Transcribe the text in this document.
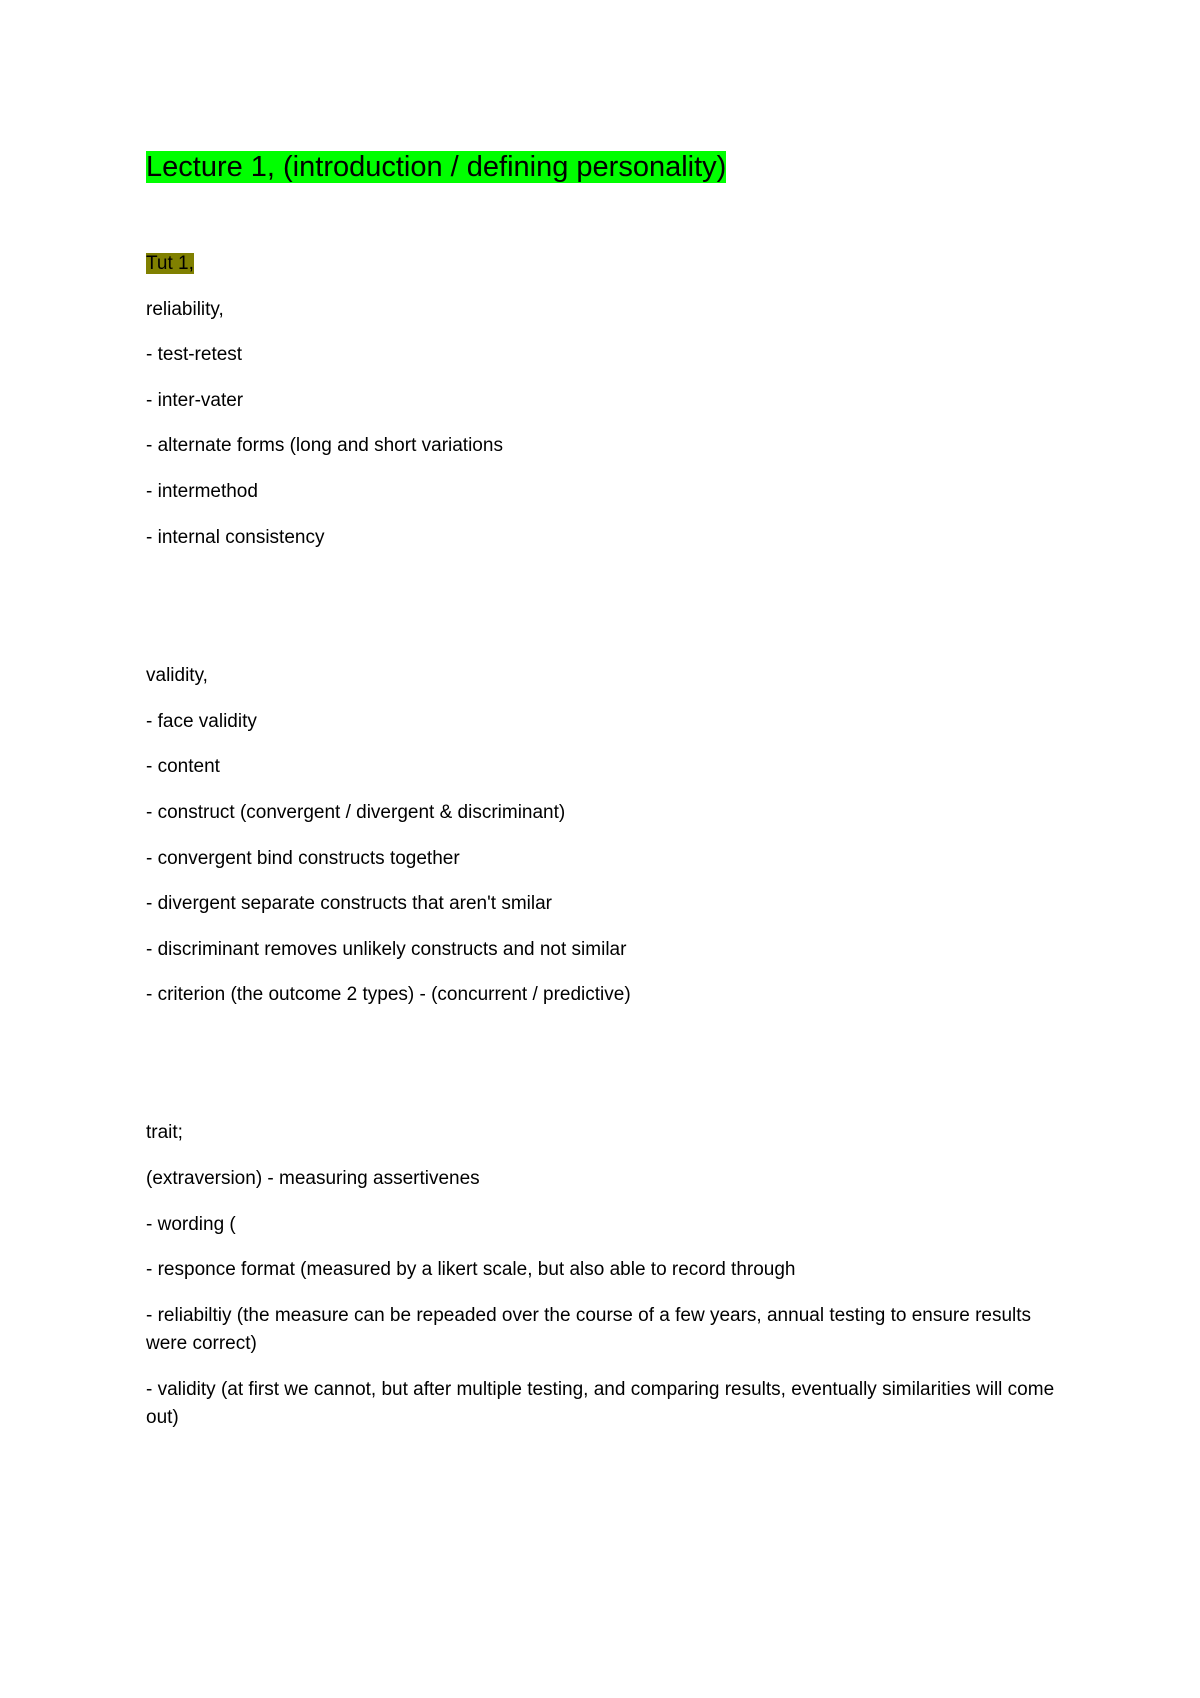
Lecture 1, (introduction / defining personality)

Tut 1,

reliability,

- test-retest

- inter-vater

- alternate forms (long and short variations

- intermethod

- internal consistency

validity,

- face validity

- content

- construct (convergent / divergent & discriminant)

- convergent bind constructs together

- divergent separate constructs that aren't smilar

- discriminant removes unlikely constructs and not similar

- criterion (the outcome 2 types) - (concurrent / predictive)

trait;

(extraversion) - measuring assertivenes

- wording (

- responce format (measured by a likert scale, but also able to record through

- reliabiltiy (the measure can be repeaded over the course of a few years, annual testing to ensure results were correct)

- validity (at first we cannot, but after multiple testing, and comparing results, eventually similarities will come out)
